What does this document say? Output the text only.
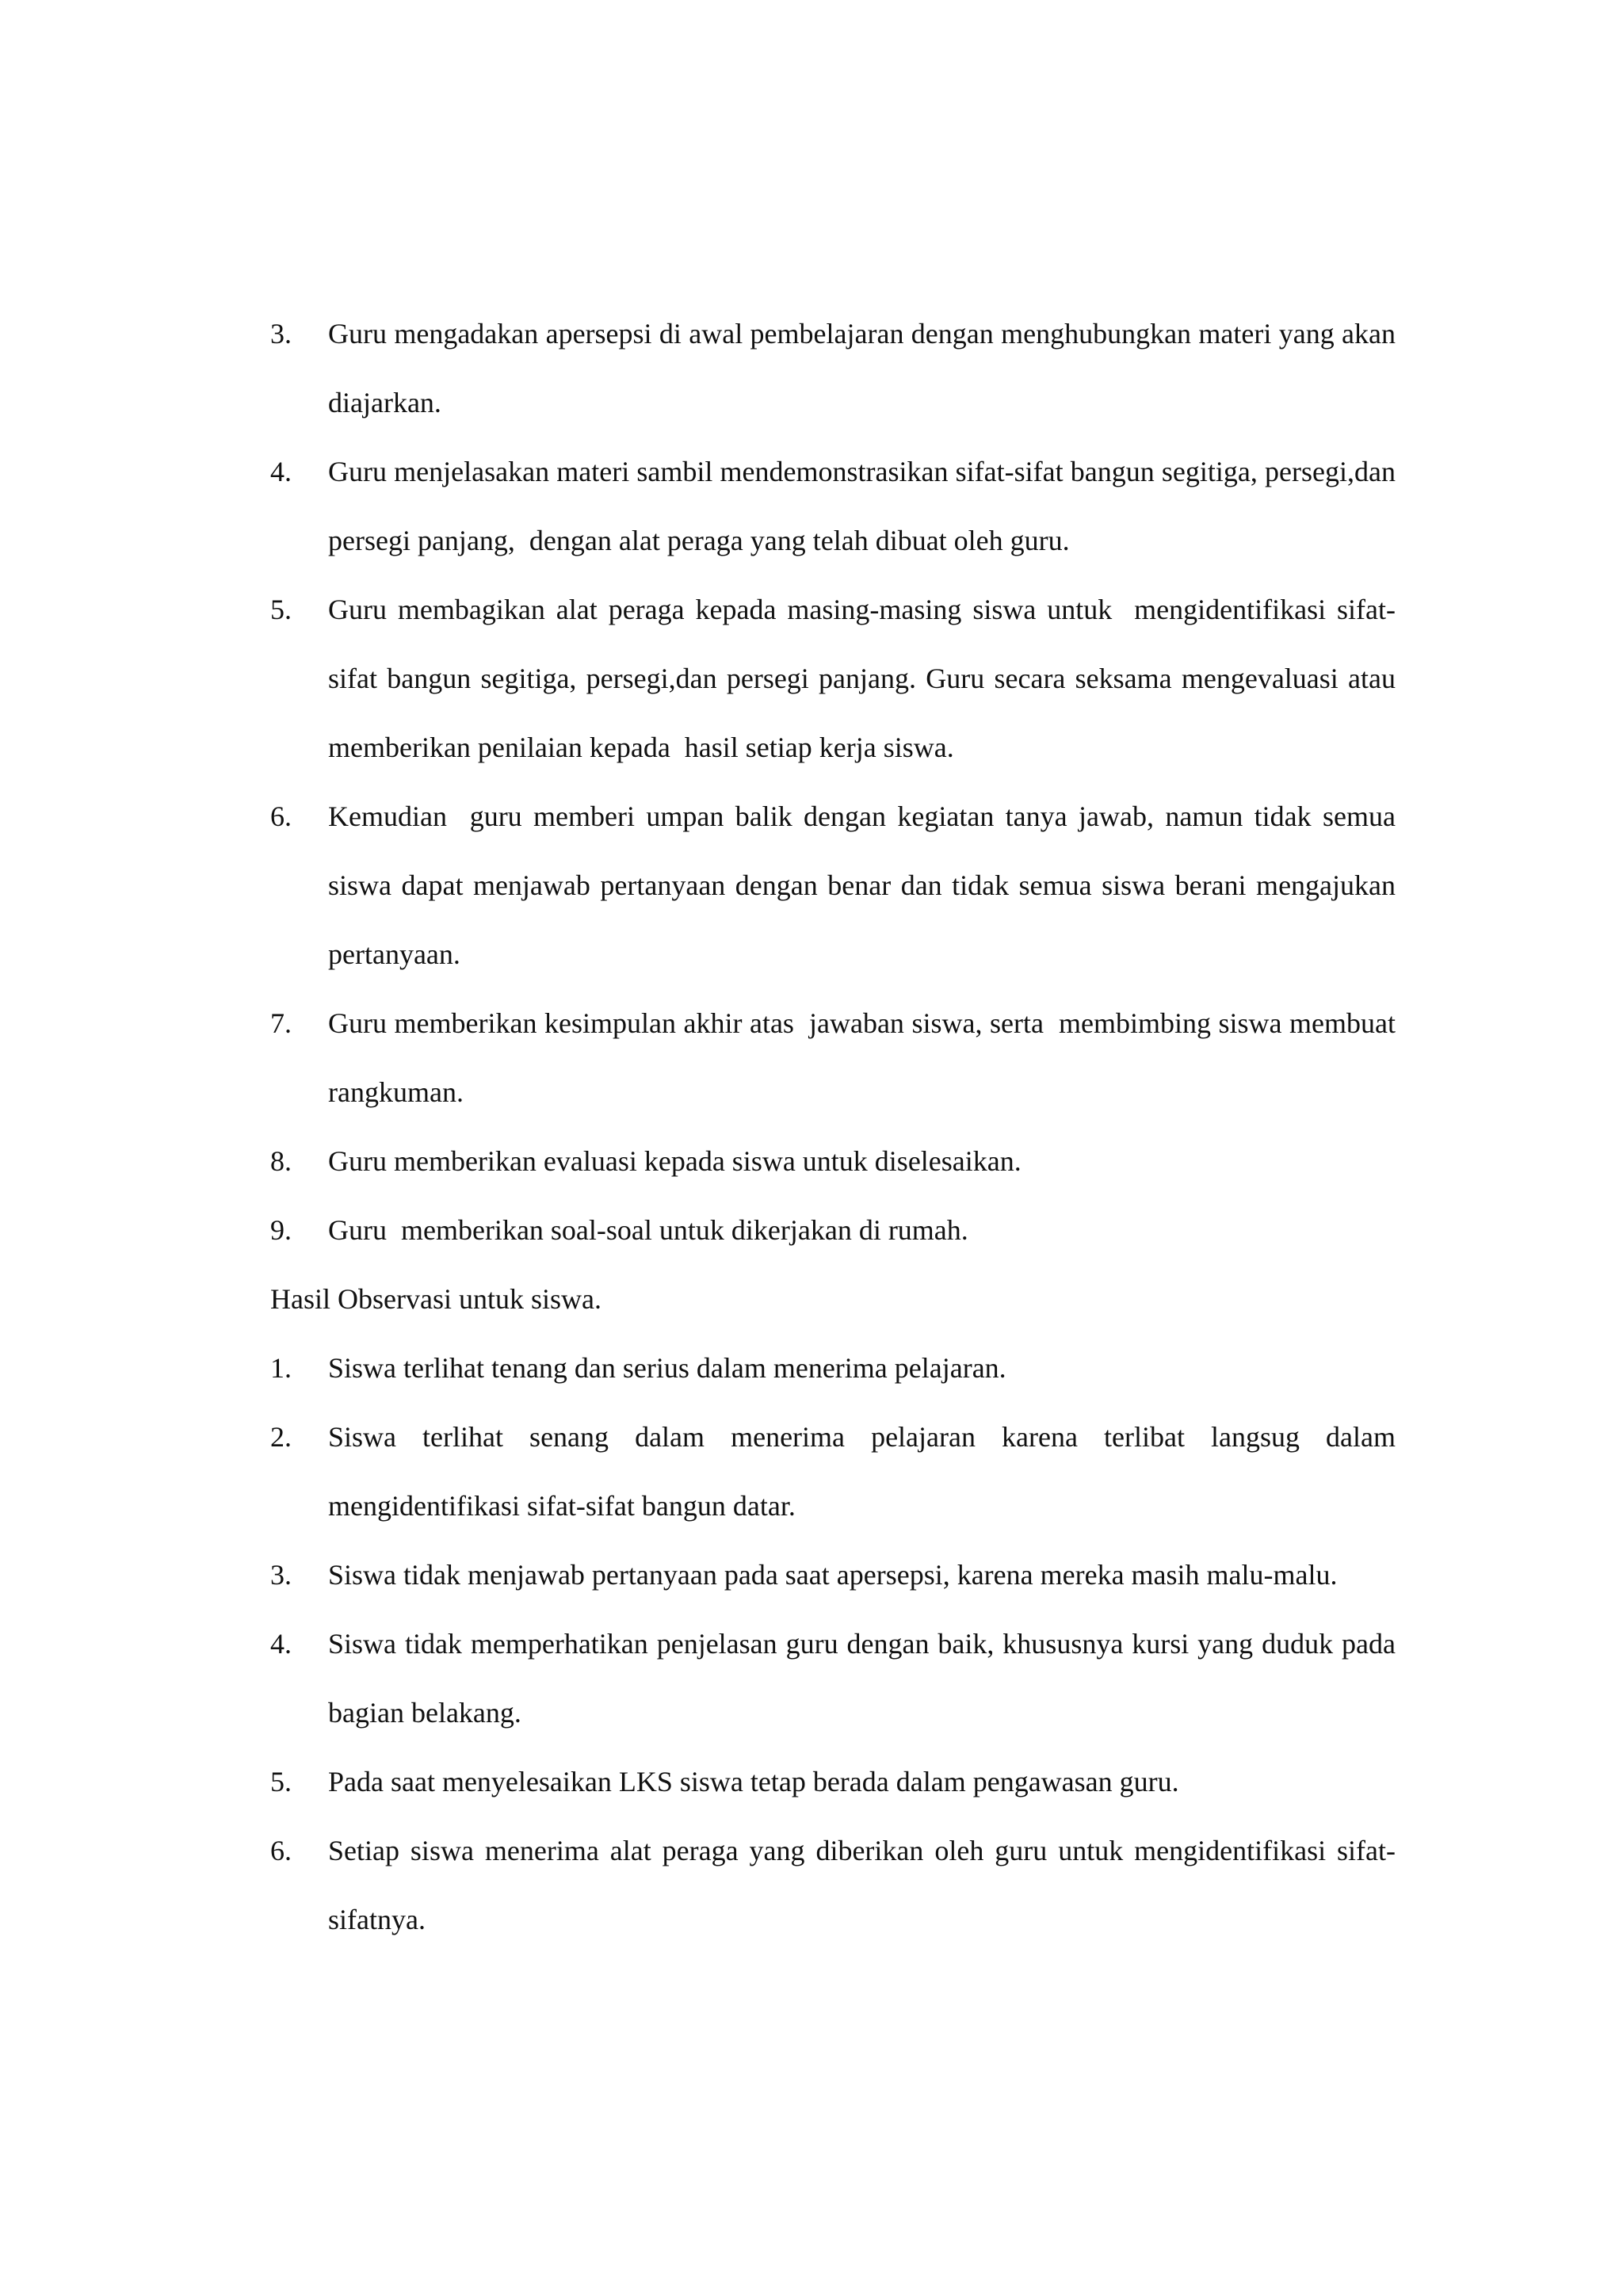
3. Guru mengadakan apersepsi di awal pembelajaran dengan menghubungkan materi yang akan diajarkan.
4. Guru menjelasakan materi sambil mendemonstrasikan sifat-sifat bangun segitiga, persegi,dan persegi panjang,  dengan alat peraga yang telah dibuat oleh guru.
5. Guru membagikan alat peraga kepada masing-masing siswa untuk  mengidentifikasi sifat-sifat bangun segitiga, persegi,dan persegi panjang. Guru secara seksama mengevaluasi atau memberikan penilaian kepada  hasil setiap kerja siswa.
6. Kemudian  guru memberi umpan balik dengan kegiatan tanya jawab, namun tidak semua siswa dapat menjawab pertanyaan dengan benar dan tidak semua siswa berani mengajukan pertanyaan.
7. Guru memberikan kesimpulan akhir atas  jawaban siswa, serta  membimbing siswa membuat  rangkuman.
8. Guru memberikan evaluasi kepada siswa untuk diselesaikan.
9. Guru  memberikan soal-soal untuk dikerjakan di rumah.
Hasil Observasi untuk siswa.
1. Siswa terlihat tenang dan serius dalam menerima pelajaran.
2. Siswa terlihat senang dalam menerima pelajaran karena terlibat langsug dalam mengidentifikasi sifat-sifat bangun datar.
3. Siswa tidak menjawab pertanyaan pada saat apersepsi, karena mereka masih malu-malu.
4. Siswa tidak memperhatikan penjelasan guru dengan baik, khususnya kursi yang duduk pada bagian belakang.
5. Pada saat menyelesaikan LKS siswa tetap berada dalam pengawasan guru.
6. Setiap siswa menerima alat peraga yang diberikan oleh guru untuk mengidentifikasi sifat-sifatnya.
